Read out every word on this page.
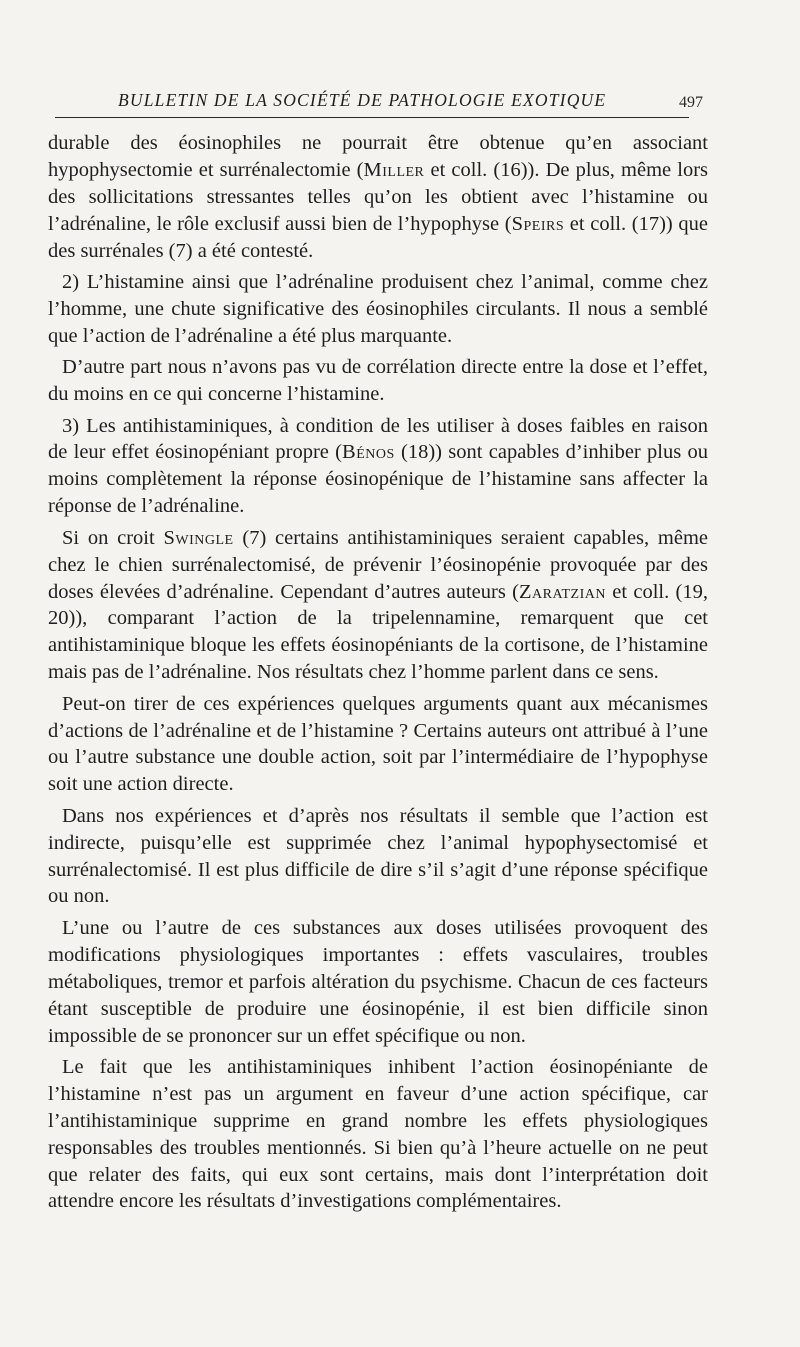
BULLETIN DE LA SOCIÉTÉ DE PATHOLOGIE EXOTIQUE	497

durable des éosinophiles ne pourrait être obtenue qu’en associant hypophysectomie et surrénalectomie (Miller et coll. (16)). De plus, même lors des sollicitations stressantes telles qu’on les obtient avec l’histamine ou l’adrénaline, le rôle exclusif aussi bien de l’hypophyse (Speirs et coll. (17)) que des surrénales (7) a été contesté.

2) L’histamine ainsi que l’adrénaline produisent chez l’animal, comme chez l’homme, une chute significative des éosinophiles circulants. Il nous a semblé que l’action de l’adrénaline a été plus marquante.

D’autre part nous n’avons pas vu de corrélation directe entre la dose et l’effet, du moins en ce qui concerne l’histamine.

3) Les antihistaminiques, à condition de les utiliser à doses faibles en raison de leur effet éosinopéniant propre (Bénos (18)) sont capables d’inhiber plus ou moins complètement la réponse éosinopénique de l’histamine sans affecter la réponse de l’adrénaline.

Si on croit Swingle (7) certains antihistaminiques seraient capables, même chez le chien surrénalectomisé, de prévenir l’éosinopénie provoquée par des doses élevées d’adrénaline. Cependant d’autres auteurs (Zaratzian et coll. (19, 20)), comparant l’action de la tripelennamine, remarquent que cet antihistaminique bloque les effets éosinopéniants de la cortisone, de l’histamine mais pas de l’adrénaline. Nos résultats chez l’homme parlent dans ce sens.

Peut-on tirer de ces expériences quelques arguments quant aux mécanismes d’actions de l’adrénaline et de l’histamine ? Certains auteurs ont attribué à l’une ou l’autre substance une double action, soit par l’intermédiaire de l’hypophyse soit une action directe.

Dans nos expériences et d’après nos résultats il semble que l’action est indirecte, puisqu’elle est supprimée chez l’animal hypophysectomisé et surrénalectomisé. Il est plus difficile de dire s’il s’agit d’une réponse spécifique ou non.

L’une ou l’autre de ces substances aux doses utilisées provoquent des modifications physiologiques importantes : effets vasculaires, troubles métaboliques, tremor et parfois altération du psychisme. Chacun de ces facteurs étant susceptible de produire une éosinopénie, il est bien difficile sinon impossible de se prononcer sur un effet spécifique ou non.

Le fait que les antihistaminiques inhibent l’action éosinopéniante de l’histamine n’est pas un argument en faveur d’une action spécifique, car l’antihistaminique supprime en grand nombre les effets physiologiques responsables des troubles mentionnés. Si bien qu’à l’heure actuelle on ne peut que relater des faits, qui eux sont certains, mais dont l’interprétation doit attendre encore les résultats d’investigations complémentaires.
